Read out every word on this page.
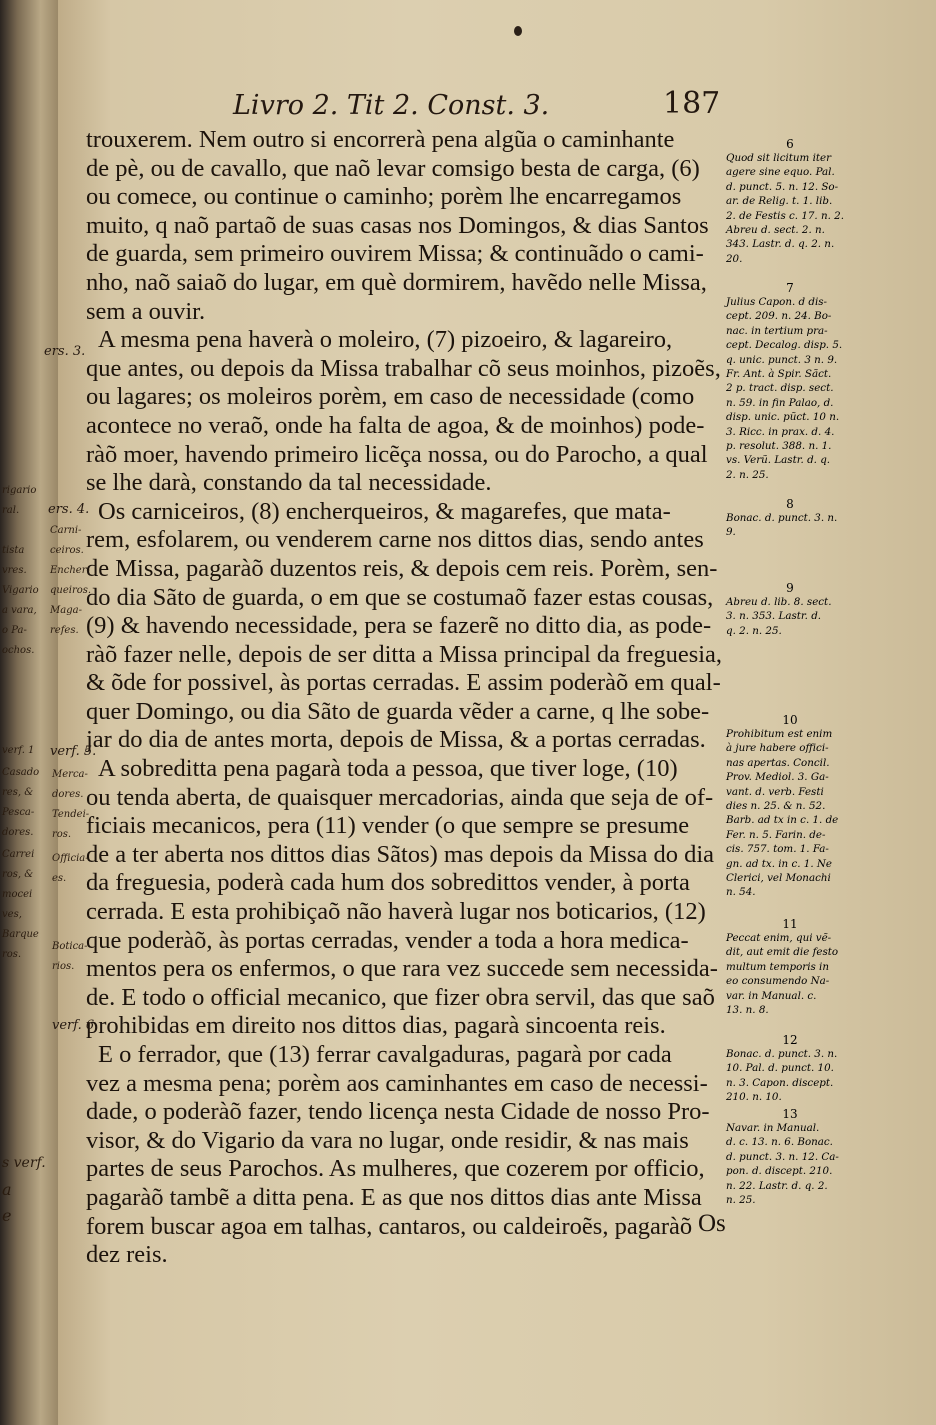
rigario
ral.
tista
vres.
Vigario
a vara,
o Pa-
ochos.
verf. 1
Casado
res, &
Pesca-
dores.
Carrei
ros, &
mocei
ves,
Barque
ros.
s verf.
a
e
Livro 2. Tit 2. Const. 3.	187
trouxerem. Nem outro si encorrerà pena algũa o caminhante
de pè, ou de cavallo, que naõ levar comsigo besta de carga, (6)
ou comece, ou continue o caminho; porèm lhe encarregamos
muito, q naõ partaõ de suas casas nos Domingos, & dias Santos
de guarda, sem primeiro ouvirem Missa; & continuãdo o cami-
nho, naõ saiaõ do lugar, em què dormirem, havẽdo nelle Missa,
sem a ouvir.
A mesma pena haverà o moleiro, (7) pizoeiro, & lagareiro,
que antes, ou depois da Missa trabalhar cõ seus moinhos, pizoẽs,
ou lagares; os moleiros porèm, em caso de necessidade (como
acontece no veraõ, onde ha falta de agoa, & de moinhos) pode-
ràõ moer, havendo primeiro licẽça nossa, ou do Parocho, a qual
se lhe darà, constando da tal necessidade.
Os carniceiros, (8) encherqueiros, & magarefes, que mata-
rem, esfolarem, ou venderem carne nos dittos dias, sendo antes
de Missa, pagaràõ duzentos reis, & depois cem reis. Porèm, sen-
do dia Sãto de guarda, o em que se costumaõ fazer estas cousas,
(9) & havendo necessidade, pera se fazerẽ no ditto dia, as pode-
ràõ fazer nelle, depois de ser ditta a Missa principal da freguesia,
& õde for possivel, às portas cerradas. E assim poderàõ em qual-
quer Domingo, ou dia Sãto de guarda vẽder a carne, q lhe sobe-
jar do dia de antes morta, depois de Missa, & a portas cerradas.
A sobreditta pena pagarà toda a pessoa, que tiver loge, (10)
ou tenda aberta, de quaisquer mercadorias, ainda que seja de of-
ficiais mecanicos, pera (11) vender (o que sempre se presume
de a ter aberta nos dittos dias Sãtos) mas depois da Missa do dia
da freguesia, poderà cada hum dos sobredittos vender, à porta
cerrada. E esta prohibiçaõ não haverà lugar nos boticarios, (12)
que poderàõ, às portas cerradas, vender a toda a hora medica-
mentos pera os enfermos, o que rara vez succede sem necessida-
de. E todo o official mecanico, que fizer obra servil, das que saõ
prohibidas em direito nos dittos dias, pagarà sincoenta reis.
E o ferrador, que (13) ferrar cavalgaduras, pagarà por cada
vez a mesma pena; porèm aos caminhantes em caso de necessi-
dade, o poderàõ fazer, tendo licença nesta Cidade de nosso Pro-
visor, & do Vigario da vara no lugar, onde residir, & nas mais
partes de seus Parochos. As mulheres, que cozerem por officio,
pagaràõ tambẽ a ditta pena. E as que nos dittos dias ante Missa
forem buscar agoa em talhas, cantaros, ou caldeiroẽs, pagaràõ
dez reis.
ers. 3.
ers. 4.
verf. 5.
verf. 6.
Carni-
ceiros.
Encher-
queiros.
Maga-
refes.
Merca-
dores.
Tendei-
ros.
Officia-
es.
Botica-
rios.
6
Quod sit licitum iter
agere sine equo. Pal.
d. punct. 5. n. 12. So-
ar. de Relig. t. 1. lib.
2. de Festis c. 17. n. 2.
Abreu d. sect. 2. n.
343. Lastr. d. q. 2. n.
20.
7
Julius Capon. d dis-
cept. 209. n. 24. Bo-
nac. in tertium pra-
cept. Decalog. disp. 5.
q. unic. punct. 3 n. 9.
Fr. Ant. à Spir. Sãct.
2 p. tract. disp. sect.
n. 59. in fin Palao, d.
disp. unic. pũct. 10 n.
3. Ricc. in prax. d. 4.
p. resolut. 388. n. 1.
vs. Verũ. Lastr. d. q.
2. n. 25.
8
Bonac. d. punct. 3. n.
9.
9
Abreu d. lib. 8. sect.
3. n. 353. Lastr. d.
q. 2. n. 25.
10
Prohibitum est enim
à jure habere offici-
nas apertas. Concil.
Prov. Mediol. 3. Ga-
vant. d. verb. Festi
dies n. 25. & n. 52.
Barb. ad tx in c. 1. de
Fer. n. 5. Farin. de-
cis. 757. tom. 1. Fa-
gn. ad tx. in c. 1. Ne
Clerici, vel Monachi
n. 54.
11
Peccat enim, qui vẽ-
dit, aut emit die festo
multum temporis in
eo consumendo Na-
var. in Manual. c.
13. n. 8.
12
Bonac. d. punct. 3. n.
10. Pal. d. punct. 10.
n. 3. Capon. discept.
210. n. 10.
13
Navar. in Manual.
d. c. 13. n. 6. Bonac.
d. punct. 3. n. 12. Ca-
pon. d. discept. 210.
n. 22. Lastr. d. q. 2.
n. 25.
Os
